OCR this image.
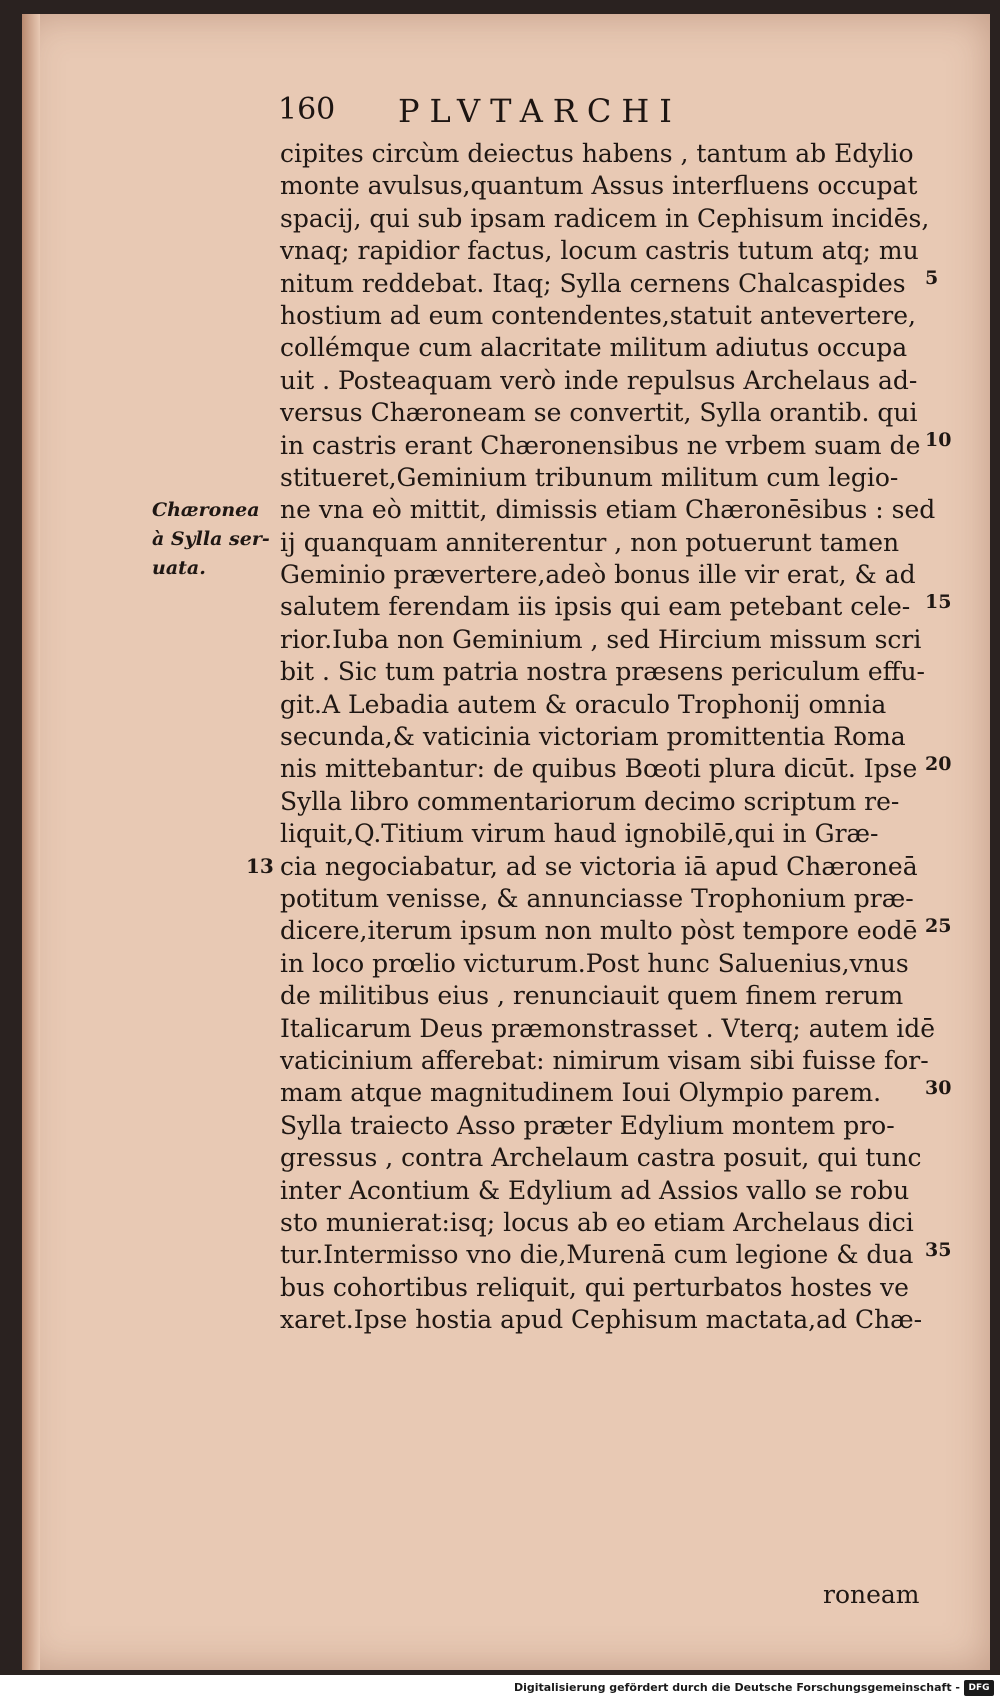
160 PLVTARCHI
cipites circùm deiectus habens , tantum ab Edylio
monte avulsus,quantum Assus interfluens occupat
spacij, qui sub ipsam radicem in Cephisum incidēs,
vnaq; rapidior factus, locum castris tutum atq; mu
nitum reddebat. Itaq; Sylla cernens Chalcaspides
hostium ad eum contendentes,statuit antevertere,
collémque cum alacritate militum adiutus occupa
uit . Posteaquam verò inde repulsus Archelaus ad-
versus Chæroneam se convertit, Sylla orantib. qui
in castris erant Chæronensibus ne vrbem suam de
stitueret,Geminium tribunum militum cum legio-
ne vna eò mittit, dimissis etiam Chæronēsibus : sed
ij quanquam anniterentur , non potuerunt tamen
Geminio prævertere,adeò bonus ille vir erat, & ad
salutem ferendam iis ipsis qui eam petebant cele-
rior.Iuba non Geminium , sed Hircium missum scri
bit . Sic tum patria nostra præsens periculum effu-
git.A Lebadia autem & oraculo Trophonij omnia
secunda,& vaticinia victoriam promittentia Roma
nis mittebantur: de quibus Bœoti plura dicūt. Ipse
Sylla libro commentariorum decimo scriptum re-
liquit,Q.Titium virum haud ignobilē,qui in Græ-
cia negociabatur, ad se victoria iā apud Chæroneā
potitum venisse, & annunciasse Trophonium præ-
dicere,iterum ipsum non multo pòst tempore eodē
in loco prœlio victurum.Post hunc Saluenius,vnus
de militibus eius , renunciauit quem finem rerum
Italicarum Deus præmonstrasset . Vterq; autem idē
vaticinium afferebat: nimirum visam sibi fuisse for-
mam atque magnitudinem Ioui Olympio parem.
Sylla traiecto Asso præter Edylium montem pro-
gressus , contra Archelaum castra posuit, qui tunc
inter Acontium & Edylium ad Assios vallo se robu
sto munierat:isq; locus ab eo etiam Archelaus dici
tur.Intermisso vno die,Murenā cum legione & dua
bus cohortibus reliquit, qui perturbatos hostes ve
xaret.Ipse hostia apud Cephisum mactata,ad Chæ-
5
10
15
20
25
30
35
Chæronea
à Sylla ser-
uata.
13
roneam
Digitalisierung gefördert durch die Deutsche Forschungsgemeinschaft - DFG
